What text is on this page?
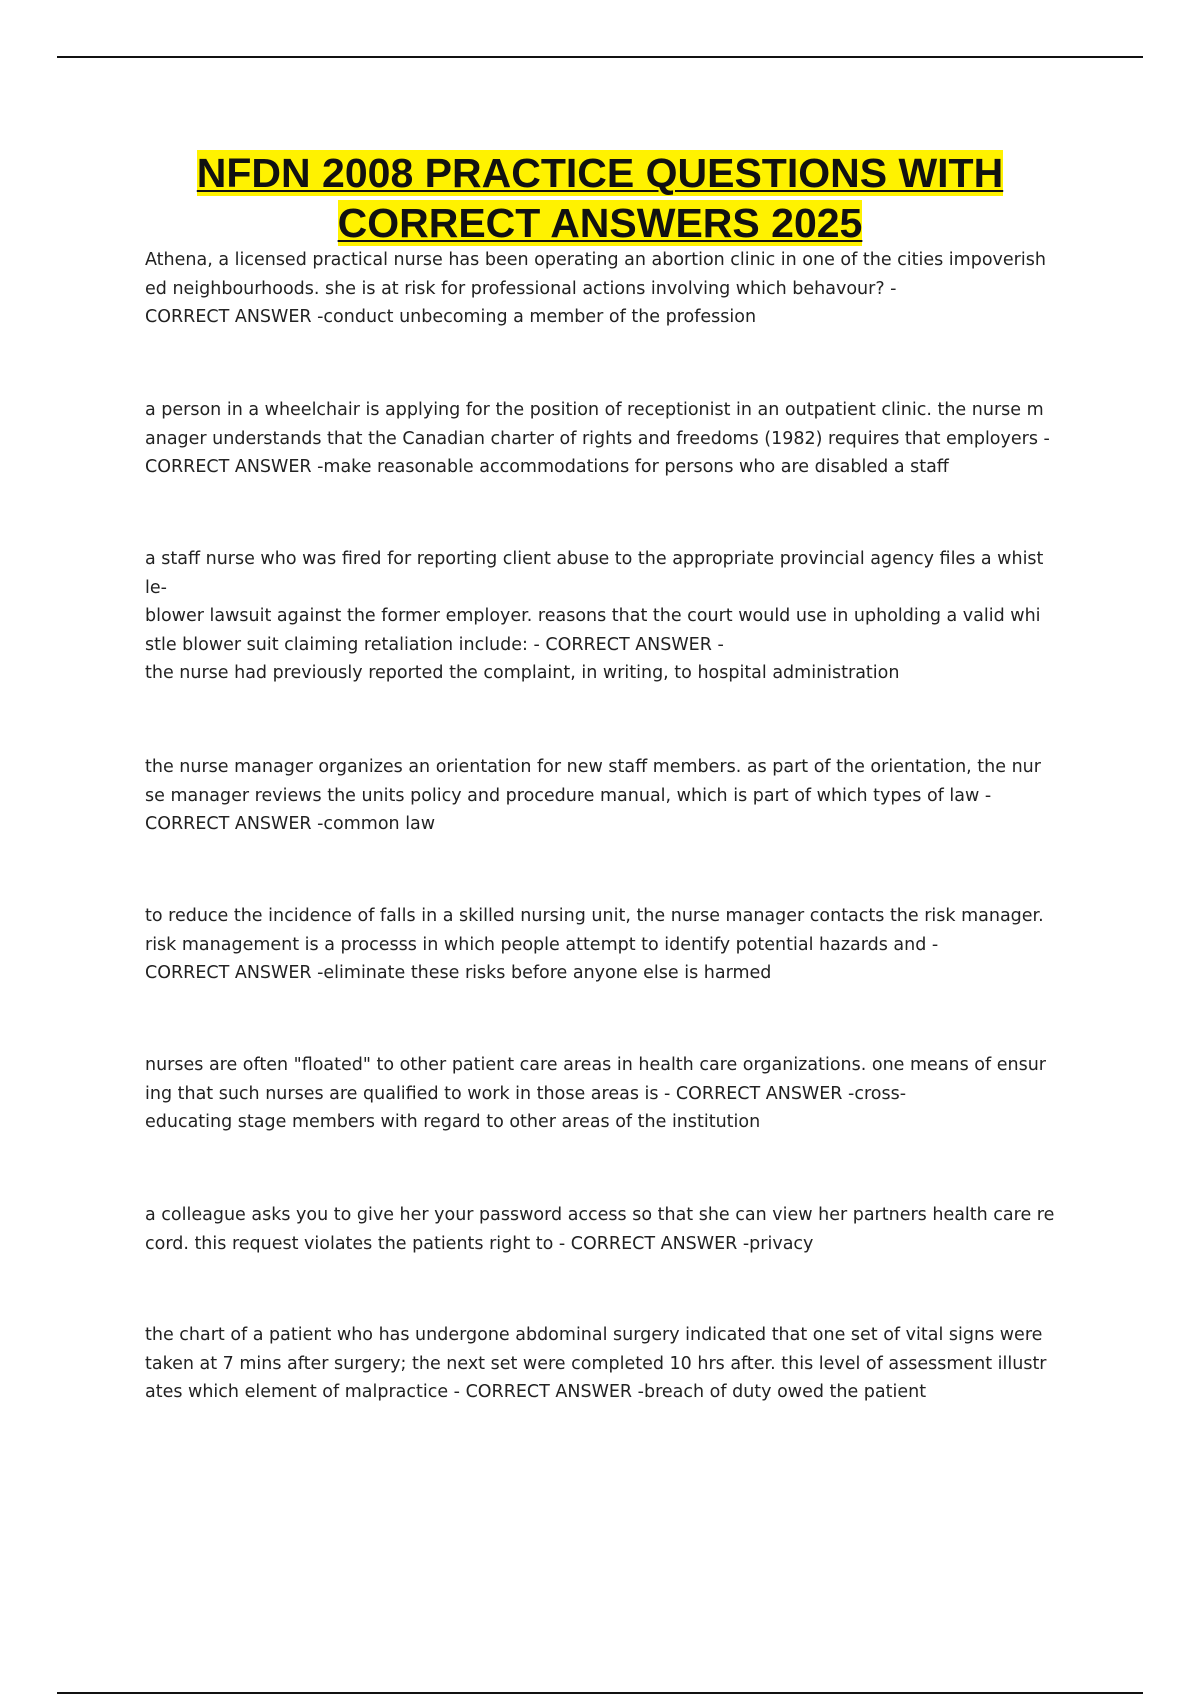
NFDN 2008 PRACTICE QUESTIONS WITH
CORRECT ANSWERS 2025
Athena, a licensed practical nurse has been operating an abortion clinic in one of the cities impoverish
ed neighbourhoods. she is at risk for professional actions involving which behavour? -
CORRECT ANSWER -conduct unbecoming a member of the profession
a person in a wheelchair is applying for the position of receptionist in an outpatient clinic. the nurse m
anager understands that the Canadian charter of rights and freedoms (1982) requires that employers -
CORRECT ANSWER -make reasonable accommodations for persons who are disabled a staff
a staff nurse who was fired for reporting client abuse to the appropriate provincial agency files a whist
le-
blower lawsuit against the former employer. reasons that the court would use in upholding a valid whi
stle blower suit claiming retaliation include: - CORRECT ANSWER -
the nurse had previously reported the complaint, in writing, to hospital administration
the nurse manager organizes an orientation for new staff members. as part of the orientation, the nur
se manager reviews the units policy and procedure manual, which is part of which types of law -
CORRECT ANSWER -common law
to reduce the incidence of falls in a skilled nursing unit, the nurse manager contacts the risk manager.
risk management is a processs in which people attempt to identify potential hazards and -
CORRECT ANSWER -eliminate these risks before anyone else is harmed
nurses are often "floated" to other patient care areas in health care organizations. one means of ensur
ing that such nurses are qualified to work in those areas is - CORRECT ANSWER -cross-
educating stage members with regard to other areas of the institution
a colleague asks you to give her your password access so that she can view her partners health care re
cord. this request violates the patients right to - CORRECT ANSWER -privacy
the chart of a patient who has undergone abdominal surgery indicated that one set of vital signs were
taken at 7 mins after surgery; the next set were completed 10 hrs after. this level of assessment illustr
ates which element of malpractice - CORRECT ANSWER -breach of duty owed the patient
